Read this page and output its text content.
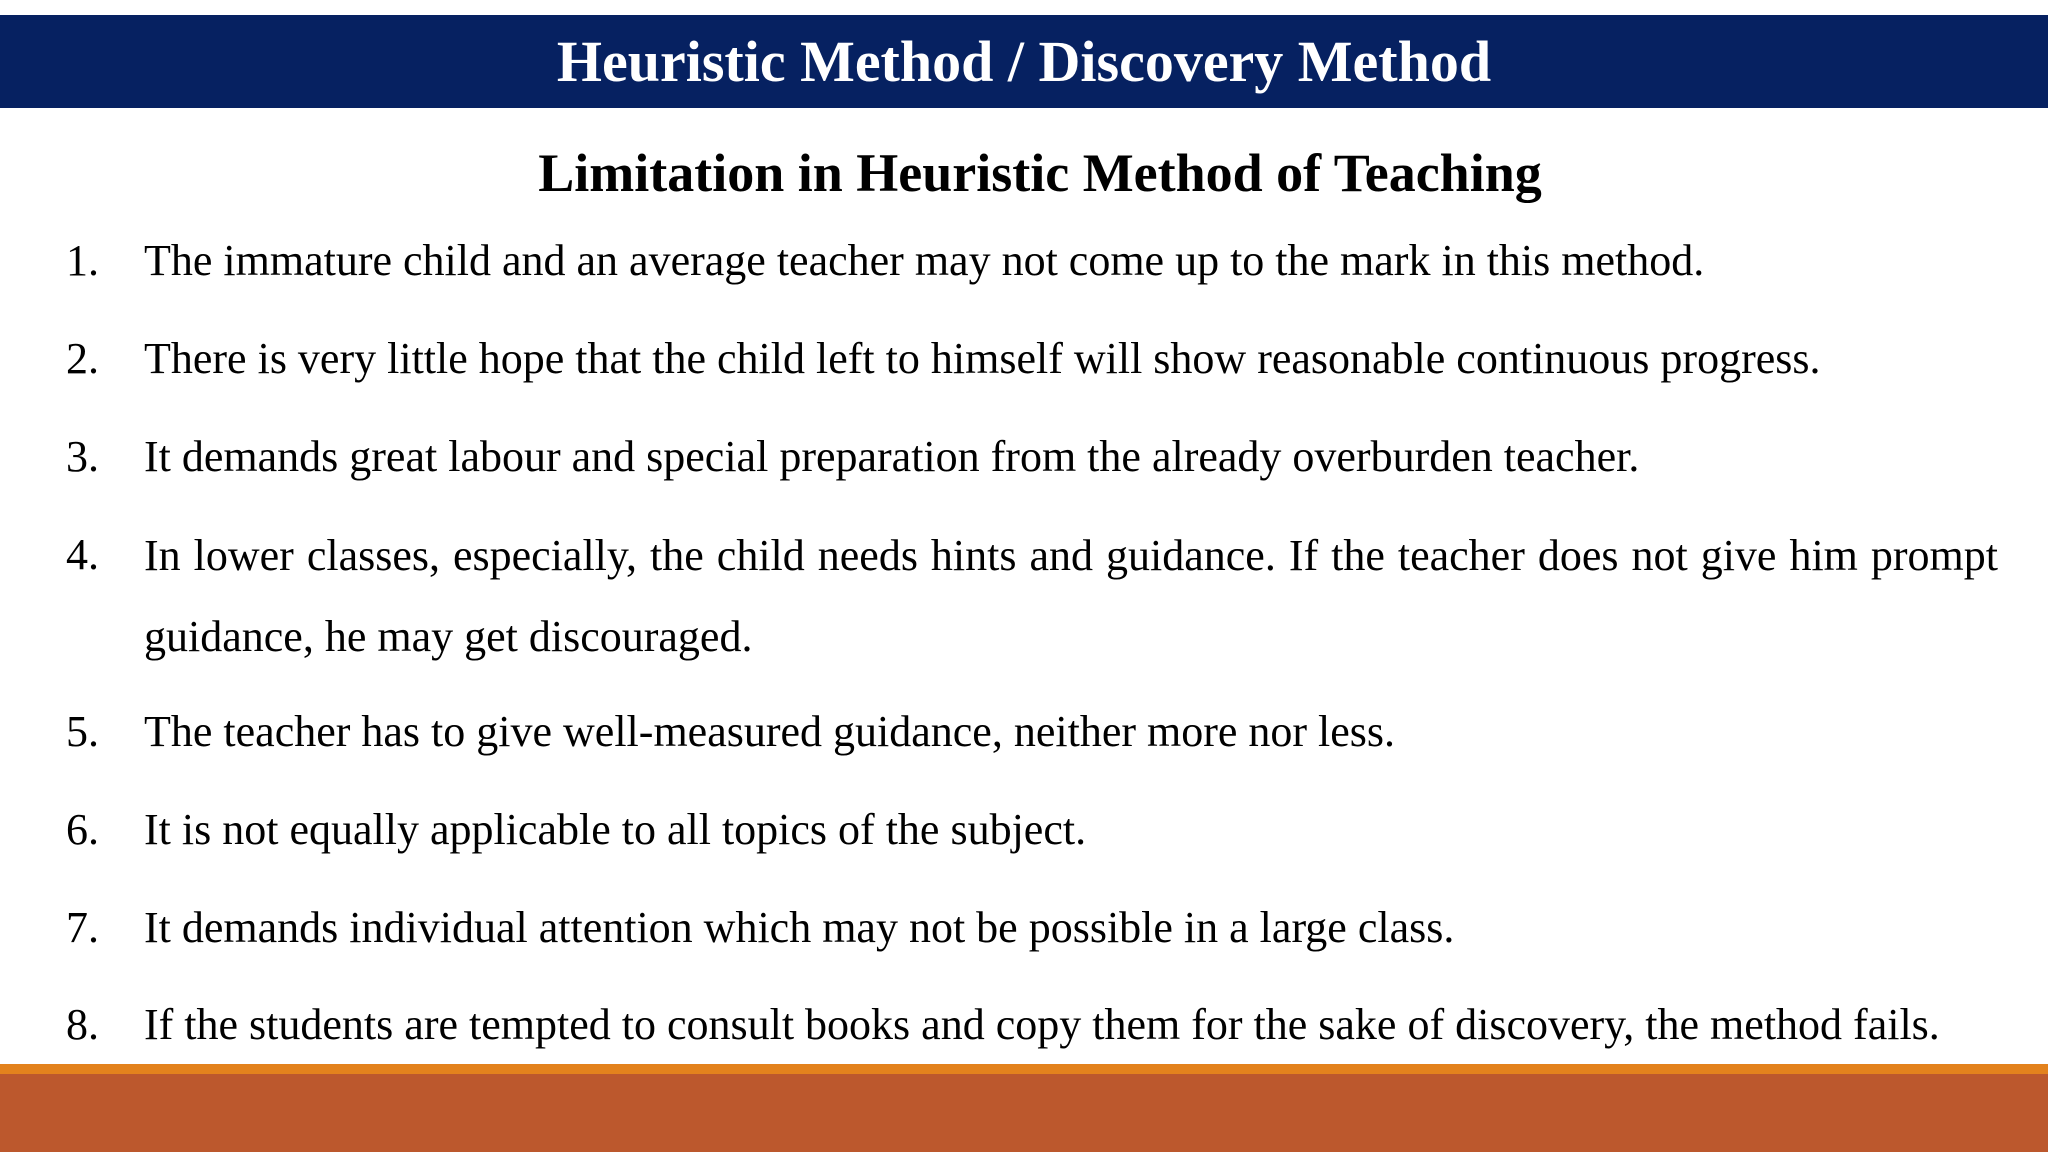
Heuristic Method / Discovery Method
Limitation in Heuristic Method of Teaching
1. The immature child and an average teacher may not come up to the mark in this method.
2. There is very little hope that the child left to himself will show reasonable continuous progress.
3. It demands great labour and special preparation from the already overburden teacher.
4. In lower classes, especially, the child needs hints and guidance. If the teacher does not give him prompt guidance, he may get discouraged.
5. The teacher has to give well-measured guidance, neither more nor less.
6. It is not equally applicable to all topics of the subject.
7. It demands individual attention which may not be possible in a large class.
8. If the students are tempted to consult books and copy them for the sake of discovery, the method fails.
